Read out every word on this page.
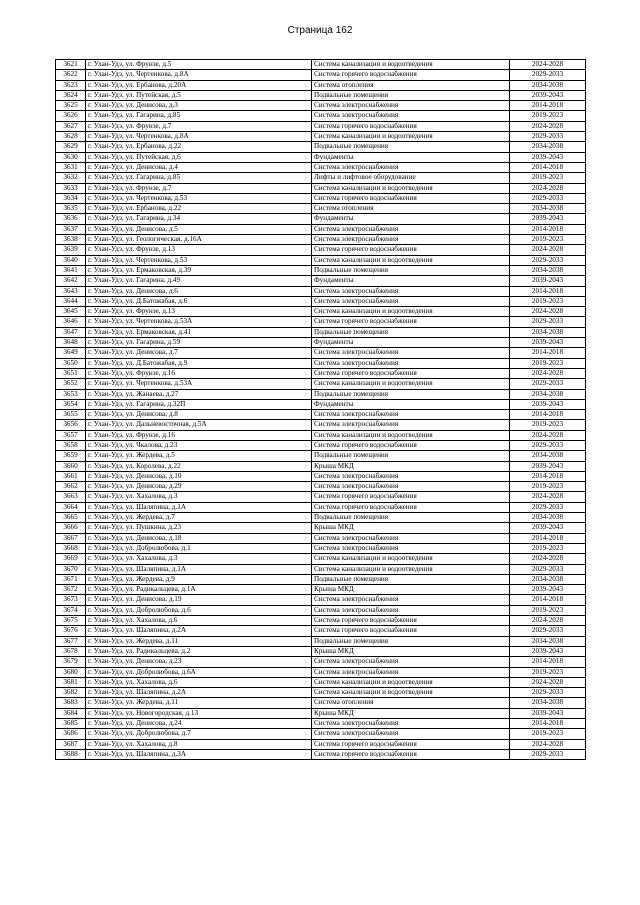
Страница 162
3621	г. Улан-Удэ, ул. Фрунзе, д.5	Система канализации и водоотведения	2024-2028
3622	г. Улан-Удэ, ул. Чертенкова, д.8А	Система горячего водоснабжения	2029-2033
3623	г. Улан-Удэ, ул. Ербанова, д.20А	Система отопления	2034-2038
3624	г. Улан-Удэ, ул. Путейская, д.5	Подвальные помещения	2039-2043
3625	г. Улан-Удэ, ул. Денисова, д.3	Система электроснабжения	2014-2018
3626	г. Улан-Удэ, ул. Гагарина, д.85	Система электроснабжения	2019-2023
3627	г. Улан-Удэ, ул. Фрунзе, д.7	Система горячего водоснабжения	2024-2028
3628	г. Улан-Удэ, ул. Чертенкова, д.8А	Система канализации и водоотведения	2029-2033
3629	г. Улан-Удэ, ул. Ербанова, д.22	Подвальные помещения	2034-2038
3630	г. Улан-Удэ, ул. Путейская, д.6	Фундаменты	2039-2043
3631	г. Улан-Удэ, ул. Денисова, д.4	Система электроснабжения	2014-2018
3632	г. Улан-Удэ, ул. Гагарина, д.85	Лифты и лифтовое оборудование	2019-2023
3633	г. Улан-Удэ, ул. Фрунзе, д.7	Система канализации и водоотведения	2024-2028
3634	г. Улан-Удэ, ул. Чертенкова, д.53	Система горячего водоснабжения	2029-2033
3635	г. Улан-Удэ, ул. Ербанова, д.22	Система отопления	2034-2038
3636	г. Улан-Удэ, ул. Гагарина, д.34	Фундаменты	2039-2043
3637	г. Улан-Удэ, ул. Денисова, д.5	Система электроснабжения	2014-2018
3638	г. Улан-Удэ, ул. Геологическая, д.16А	Система электроснабжения	2019-2023
3639	г. Улан-Удэ, ул. Фрунзе, д.13	Система горячего водоснабжения	2024-2028
3640	г. Улан-Удэ, ул. Чертенкова, д.53	Система канализации и водоотведения	2029-2033
3641	г. Улан-Удэ, ул. Ермаковская, д.39	Подвальные помещения	2034-2038
3642	г. Улан-Удэ, ул. Гагарина, д.49	Фундаменты	2039-2043
3643	г. Улан-Удэ, ул. Денисова, д.6	Система электроснабжения	2014-2018
3644	г. Улан-Удэ, ул. Д.Батожабая, д.6	Система электроснабжения	2019-2023
3645	г. Улан-Удэ, ул. Фрунзе, д.13	Система канализации и водоотведения	2024-2028
3646	г. Улан-Удэ, ул. Чертенкова, д.53А	Система горячего водоснабжения	2029-2033
3647	г. Улан-Удэ, ул. Ермаковская, д.41	Подвальные помещения	2034-2038
3648	г. Улан-Удэ, ул. Гагарина, д.59	Фундаменты	2039-2043
3649	г. Улан-Удэ, ул. Денисова, д.7	Система электроснабжения	2014-2018
3650	г. Улан-Удэ, ул. Д.Батожабая, д.9	Система электроснабжения	2019-2023
3651	г. Улан-Удэ, ул. Фрунзе, д.16	Система горячего водоснабжения	2024-2028
3652	г. Улан-Удэ, ул. Чертенкова, д.53А	Система канализации и водоотведения	2029-2033
3653	г. Улан-Удэ, ул. Жанаева, д.27	Подвальные помещения	2034-2038
3654	г. Улан-Удэ, ул. Гагарина, д.32П	Фундаменты	2039-2043
3655	г. Улан-Удэ, ул. Денисова, д.8	Система электроснабжения	2014-2018
3656	г. Улан-Удэ, ул. Дальневосточная, д.5А	Система электроснабжения	2019-2023
3657	г. Улан-Удэ, ул. Фрунзе, д.16	Система канализации и водоотведения	2024-2028
3658	г. Улан-Удэ, ул. Чкалова, д.23	Система горячего водоснабжения	2029-2033
3659	г. Улан-Удэ, ул. Жердева, д.5	Подвальные помещения	2034-2038
3660	г. Улан-Удэ, ул. Королева, д.22	Крыша МКД	2039-2043
3661	г. Улан-Удэ, ул. Денисова, д.10	Система электроснабжения	2014-2018
3662	г. Улан-Удэ, ул. Денисова, д.29	Система электроснабжения	2019-2023
3663	г. Улан-Удэ, ул. Хахалова, д.3	Система горячего водоснабжения	2024-2028
3664	г. Улан-Удэ, ул. Шаляпина, д.1А	Система горячего водоснабжения	2029-2033
3665	г. Улан-Удэ, ул. Жердева, д.7	Подвальные помещения	2034-2038
3666	г. Улан-Удэ, ул. Пушкина, д.23	Крыша МКД	2039-2043
3667	г. Улан-Удэ, ул. Денисова, д.18	Система электроснабжения	2014-2018
3668	г. Улан-Удэ, ул. Добролюбова, д.1	Система электроснабжения	2019-2023
3669	г. Улан-Удэ, ул. Хахалова, д.3	Система канализации и водоотведения	2024-2028
3670	г. Улан-Удэ, ул. Шаляпина, д.1А	Система канализации и водоотведения	2029-2033
3671	г. Улан-Удэ, ул. Жердева, д.9	Подвальные помещения	2034-2038
3672	г. Улан-Удэ, ул. Радикальцева, д.1А	Крыша МКД	2039-2043
3673	г. Улан-Удэ, ул. Денисова, д.19	Система электроснабжения	2014-2018
3674	г. Улан-Удэ, ул. Добролюбова, д.6	Система электроснабжения	2019-2023
3675	г. Улан-Удэ, ул. Хахалова, д.6	Система горячего водоснабжения	2024-2028
3676	г. Улан-Удэ, ул. Шаляпина, д.2А	Система горячего водоснабжения	2029-2033
3677	г. Улан-Удэ, ул. Жердева, д.11	Подвальные помещения	2034-2038
3678	г. Улан-Удэ, ул. Радикальцева, д.2	Крыша МКД	2039-2043
3679	г. Улан-Удэ, ул. Денисова, д.23	Система электроснабжения	2014-2018
3680	г. Улан-Удэ, ул. Добролюбова, д.6А	Система электроснабжения	2019-2023
3681	г. Улан-Удэ, ул. Хахалова, д.6	Система канализации и водоотведения	2024-2028
3682	г. Улан-Удэ, ул. Шаляпина, д.2А	Система канализации и водоотведения	2029-2033
3683	г. Улан-Удэ, ул. Жердева, д.11	Система отопления	2034-2038
3684	г. Улан-Удэ, ул. Новогородская, д.13	Крыша МКД	2039-2043
3685	г. Улан-Удэ, ул. Денисова, д.24	Система электроснабжения	2014-2018
3686	г. Улан-Удэ, ул. Добролюбова, д.7	Система электроснабжения	2019-2023
3687	г. Улан-Удэ, ул. Хахалова, д.8	Система горячего водоснабжения	2024-2028
3688	г. Улан-Удэ, ул. Шаляпина, д.3А	Система горячего водоснабжения	2029-2033
